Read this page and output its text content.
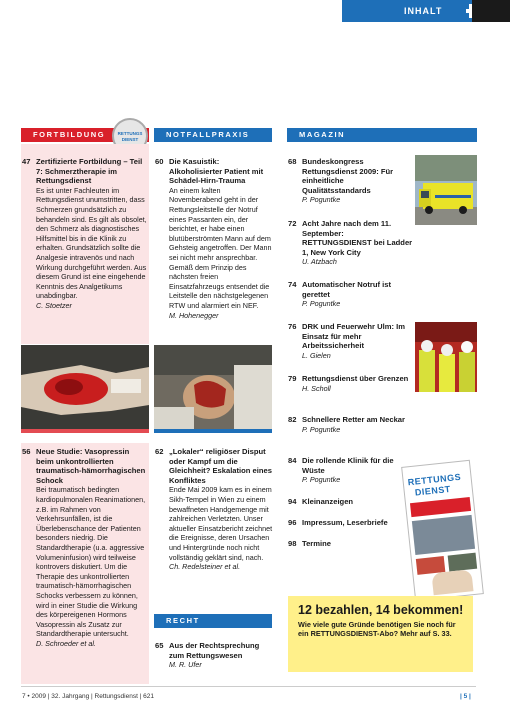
INHALT
FORTBILDUNG	RETTUNGS
DIENST	NOTFALLPRAXIS	MAGAZIN
47 Zertifizierte Fortbildung – Teil 7: Schmerztherapie im Rettungsdienst
Es ist unter Fachleuten im Rettungsdienst unumstritten, dass Schmerzen grundsätzlich zu behandeln sind. Es gilt als obsolet, den Schmerz als diagnostisches Hilfsmittel bis in die Klinik zu erhalten. Grundsätzlich sollte die Analgesie intravenös und nach Wirkung durchgeführt werden. Aus diesem Grund ist eine eingehende Kenntnis des Analgetikums unabdingbar.
C. Stoetzer
56 Neue Studie: Vasopressin beim unkontrollierten traumatisch-hämorrhagischen Schock
Bei traumatisch bedingten kardiopulmonalen Reanimationen, z.B. im Rahmen von Verkehrsunfällen, ist die Überlebenschance der Patienten besonders niedrig. Die Standardtherapie (u.a. aggressive Volumeninfusion) wird teilweise kontrovers diskutiert. Um die Therapie des unkontrollierten traumatisch-hämorrhagischen Schocks verbessern zu können, wird in einer Studie die Wirkung des körpereigenen Hormons Vasopressin als Zusatz zur Standardtherapie untersucht.
D. Schroeder et al.
60 Die Kasuistik: Alkoholisierter Patient mit Schädel-Hirn-Trauma
An einem kalten Novemberabend geht in der Rettungsleitstelle der Notruf eines Passanten ein, der berichtet, er habe einen blutüberströmten Mann auf dem Gehsteig angetroffen. Der Mann sei nicht mehr ansprechbar. Gemäß dem Prinzip des nächsten freien Einsatzfahrzeugs entsendet die Leitstelle den nächstgelegenen RTW und alarmiert ein NEF.
M. Hohenegger
62 „Lokaler“ religiöser Disput oder Kampf um die Gleichheit? Eskalation eines Konfliktes
Ende Mai 2009 kam es in einem Sikh-Tempel in Wien zu einem bewaffneten Handgemenge mit zahlreichen Verletzten. Unser aktueller Einsatzbericht zeichnet die Ereignisse, deren Ursachen und Hintergründe noch nicht vollständig geklärt sind, nach.
Ch. Redelsteiner et al.
RECHT
65 Aus der Rechtsprechung zum Rettungswesen
M. R. Ufer
68 Bundeskongress Rettungsdienst 2009: Für einheitliche Qualitätsstandards
P. Poguntke
72 Acht Jahre nach dem 11. September: RETTUNGSDIENST bei Ladder 1, New York City
U. Atzbach
74 Automatischer Notruf ist gerettet
P. Poguntke
76 DRK und Feuerwehr Ulm: Im Einsatz für mehr Arbeitssicherheit
L. Gielen
79 Rettungsdienst über Grenzen
H. Scholl
82 Schnellere Retter am Neckar
P. Poguntke
84 Die rollende Klinik für die Wüste
P. Poguntke
94 Kleinanzeigen
96 Impressum, Leserbriefe
98 Termine
RETTUNGS
DIENST
12 bezahlen, 14 bekommen!
Wie viele gute Gründe benötigen Sie noch für ein RETTUNGSDIENST-Abo? Mehr auf S. 33.
7 • 2009 | 32. Jahrgang | Rettungsdienst | 621	| 5 |
